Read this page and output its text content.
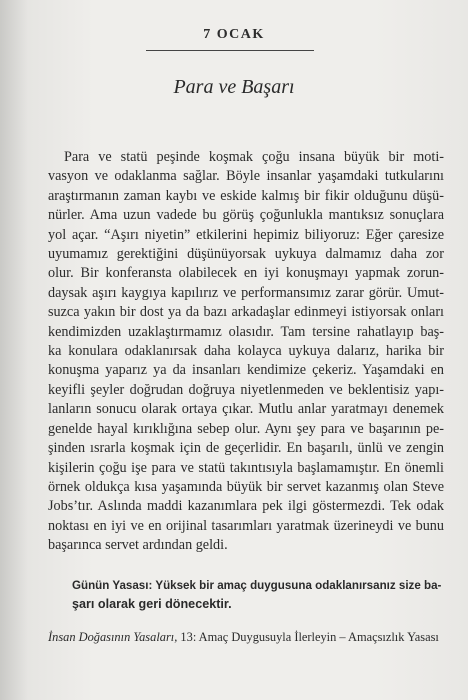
7 OCAK
Para ve Başarı
Para ve statü peşinde koşmak çoğu insana büyük bir moti-
vasyon ve odaklanma sağlar. Böyle insanlar yaşamdaki tutkularını
araştırmanın zaman kaybı ve eskide kalmış bir fikir olduğunu düşü-
nürler. Ama uzun vadede bu görüş çoğunlukla mantıksız sonuçlara
yol açar. “Aşırı niyetin” etkilerini hepimiz biliyoruz: Eğer çaresize
uyumamız gerektiğini düşünüyorsak uykuya dalmamız daha zor
olur. Bir konferansta olabilecek en iyi konuşmayı yapmak zorun-
daysak aşırı kaygıya kapılırız ve performansımız zarar görür. Umut-
suzca yakın bir dost ya da bazı arkadaşlar edinmeyi istiyorsak onları
kendimizden uzaklaştırmamız olasıdır. Tam tersine rahatlayıp baş-
ka konulara odaklanırsak daha kolayca uykuya dalarız, harika bir
konuşma yaparız ya da insanları kendimize çekeriz. Yaşamdaki en
keyifli şeyler doğrudan doğruya niyetlenmeden ve beklentisiz yapı-
lanların sonucu olarak ortaya çıkar. Mutlu anlar yaratmayı denemek
genelde hayal kırıklığına sebep olur. Aynı şey para ve başarının pe-
şinden ısrarla koşmak için de geçerlidir. En başarılı, ünlü ve zengin
kişilerin çoğu işe para ve statü takıntısıyla başlamamıştır. En önemli
örnek oldukça kısa yaşamında büyük bir servet kazanmış olan Steve
Jobs’tır. Aslında maddi kazanımlara pek ilgi göstermezdi. Tek odak
noktası en iyi ve en orijinal tasarımları yaratmak üzerineydi ve bunu
başarınca servet ardından geldi.
Günün Yasası: Yüksek bir amaç duygusuna odaklanırsanız size ba-
şarı olarak geri dönecektir.
İnsan Doğasının Yasaları, 13: Amaç Duygusuyla İlerleyin – Amaçsızlık Yasası
